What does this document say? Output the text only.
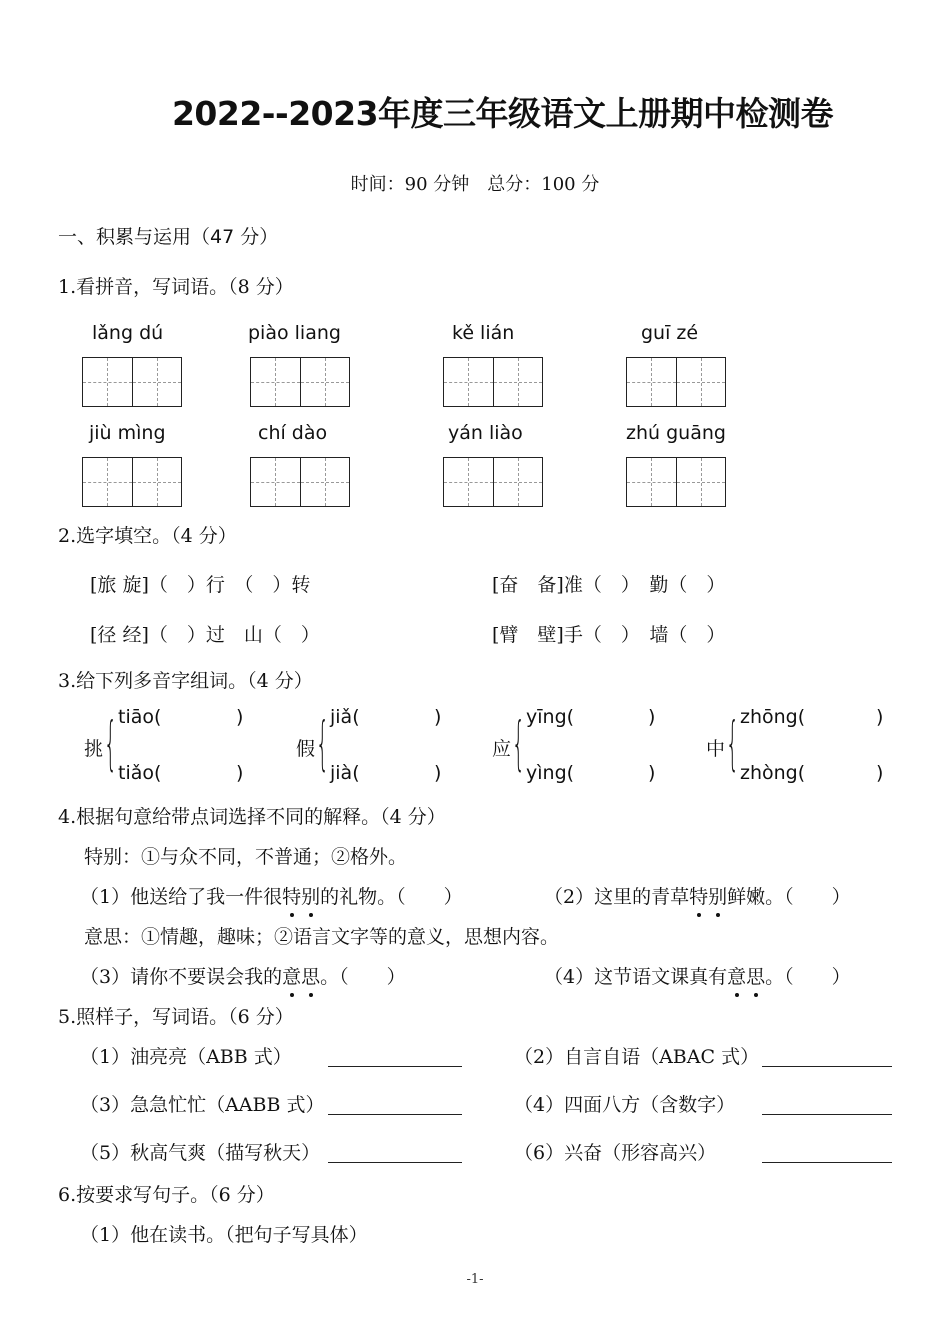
2022--2023年度三年级语文上册期中检测卷
时间：90 分钟　总分：100 分
一、积累与运用（47 分）
1.看拼音，写词语。（8 分）
lǎng dú	piào liang	kě lián	guī zé
jiù mìng	chí dào	yán liào	zhú guāng
2.选字填空。（4 分）
[旅 旋]（　）行　（　）转	[奋　备]准（　）　勤（　）
[径 经]（　）过　山（　）	[臂　壁]手（　）　墙（　）
3.给下列多音字组词。（4 分）
挑 { tiāo(	)
tiǎo(	)
假 { jiǎ(	)
jià(	)
应 { yīng(	)
yìng(	)
中 { zhōng(	)
zhòng(	)
4.根据句意给带点词选择不同的解释。（4 分）
特别：①与众不同，不普通；②格外。
（1）他送给了我一件很特别的礼物。（　　）	（2）这里的青草特别鲜嫩。（　　）
意思：①情趣，趣味；②语言文字等的意义，思想内容。
（3）请你不要误会我的意思。（　　）	（4）这节语文课真有意思。（　　）
5.照样子，写词语。（6 分）
（1）油亮亮（ABB 式）	（2）自言自语（ABAC 式）
（3）急急忙忙（AABB 式）	（4）四面八方（含数字）
（5）秋高气爽（描写秋天）	（6）兴奋（形容高兴）
6.按要求写句子。（6 分）
（1）他在读书。（把句子写具体）
-1-
